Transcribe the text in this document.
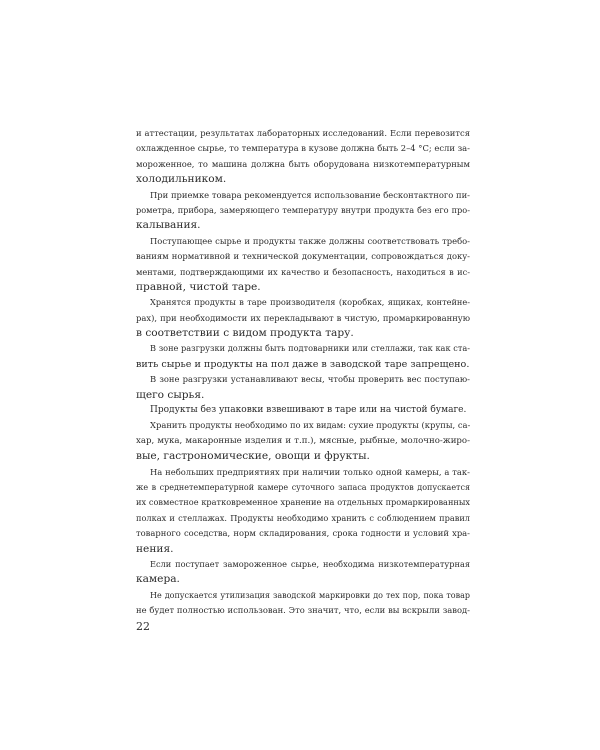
и аттестации, результатах лабораторных исследований. Если перевозится
охлажденное сырье, то температура в кузове должна быть 2–4 °С; если за-
мороженное, то машина должна быть оборудована низкотемпературным
холодильником.
При приемке товара рекомендуется использование бесконтактного пи-
рометра, прибора, замеряющего температуру внутри продукта без его про-
калывания.
Поступающее сырье и продукты также должны соответствовать требо-
ваниям нормативной и технической документации, сопровождаться доку-
ментами, подтверждающими их качество и безопасность, находиться в ис-
правной, чистой таре.
Хранятся продукты в таре производителя (коробках, ящиках, контейне-
рах), при необходимости их перекладывают в чистую, промаркированную
в соответствии с видом продукта тару.
В зоне разгрузки должны быть подтоварники или стеллажи, так как ста-
вить сырье и продукты на пол даже в заводской таре запрещено.
В зоне разгрузки устанавливают весы, чтобы проверить вес поступаю-
щего сырья.
Продукты без упаковки взвешивают в таре или на чистой бумаге.
Хранить продукты необходимо по их видам: сухие продукты (крупы, са-
хар, мука, макаронные изделия и т.п.), мясные, рыбные, молочно-жиро-
вые, гастрономические, овощи и фрукты.
На небольших предприятиях при наличии только одной камеры, а так-
же в среднетемпературной камере суточного запаса продуктов допускается
их совместное кратковременное хранение на отдельных промаркированных
полках и стеллажах. Продукты необходимо хранить с соблюдением правил
товарного соседства, норм складирования, срока годности и условий хра-
нения.
Если поступает замороженное сырье, необходима низкотемпературная
камера.
Не допускается утилизация заводской маркировки до тех пор, пока товар
не будет полностью использован. Это значит, что, если вы вскрыли завод-
22
